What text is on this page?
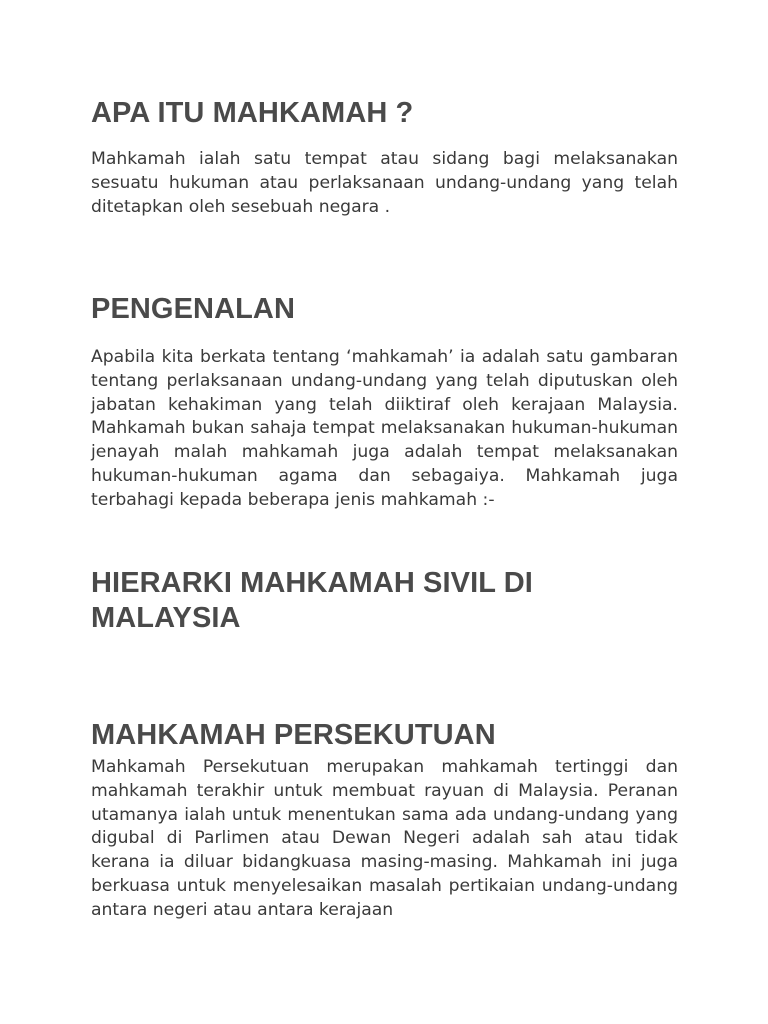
APA ITU MAHKAMAH ?

Mahkamah ialah satu tempat atau sidang bagi melaksanakan sesuatu hukuman atau perlaksanaan undang-undang yang telah ditetapkan oleh sesebuah negara .

PENGENALAN

Apabila kita berkata tentang ‘mahkamah’ ia adalah satu gambaran tentang perlaksanaan undang-undang yang telah diputuskan oleh jabatan kehakiman yang telah diiktiraf oleh kerajaan Malaysia. Mahkamah bukan sahaja tempat melaksanakan hukuman-hukuman jenayah malah mahkamah juga adalah tempat melaksanakan hukuman-hukuman agama dan sebagaiya. Mahkamah juga terbahagi kepada beberapa jenis mahkamah :-

HIERARKI MAHKAMAH SIVIL DI MALAYSIA
MAHKAMAH PERSEKUTUAN

Mahkamah Persekutuan merupakan mahkamah tertinggi dan mahkamah terakhir untuk membuat rayuan di Malaysia. Peranan utamanya ialah untuk menentukan sama ada undang-undang yang digubal di Parlimen atau Dewan Negeri adalah sah atau tidak kerana ia diluar bidangkuasa masing-masing. Mahkamah ini juga berkuasa untuk menyelesaikan masalah pertikaian undang-undang antara negeri atau antara kerajaan
